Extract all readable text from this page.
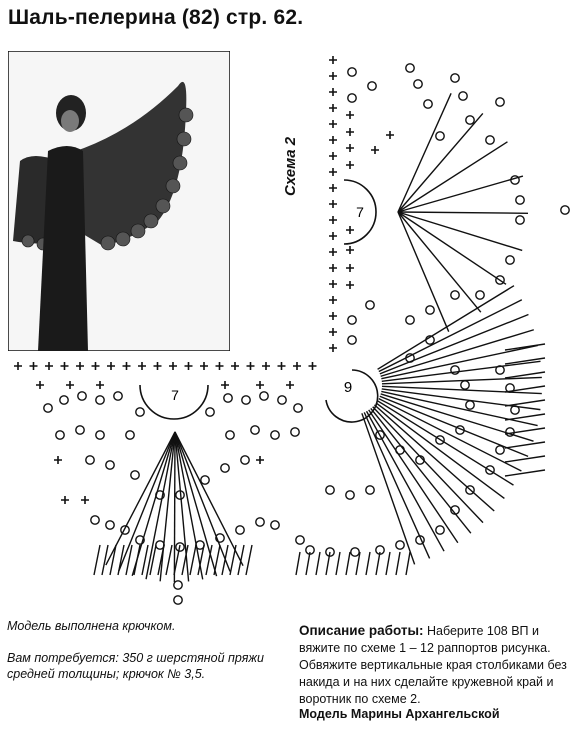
Шаль-пелерина (82) стр. 62.
7
7	9
Схема 2
Модель выполнена крючком.
Вам потребуется: 350 г шерстяной пряжи средней толщины; крючок № 3,5.
Описание работы: Наберите 108 ВП и вяжите по схеме 1 – 12 раппортов рисунка. Обвяжите вертикальные края столбиками без накида и на них сделайте кружевной край и воротник по схеме 2.
Модель Марины Архангельской
